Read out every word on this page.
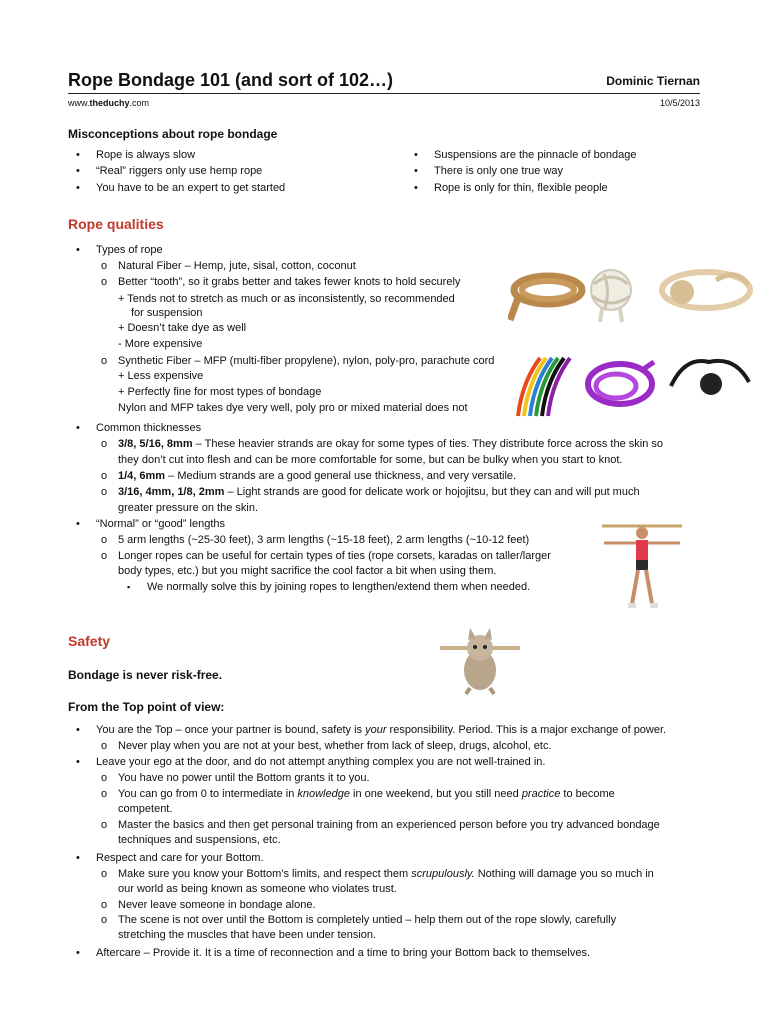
Rope Bondage 101 (and sort of 102…)	Dominic Tiernan
www.theduchy.com	10/5/2013
Misconceptions about rope bondage
• Rope is always slow
• “Real” riggers only use hemp rope
• You have to be an expert to get started
• Suspensions are the pinnacle of bondage
• There is only one true way
• Rope is only for thin, flexible people
Rope qualities
• Types of rope
o Natural Fiber – Hemp, jute, sisal, cotton, coconut
o Better “tooth”, so it grabs better and takes fewer knots to hold securely
+ Tends not to stretch as much or as inconsistently, so recommended
for suspension
+ Doesn’t take dye as well
- More expensive
o Synthetic Fiber – MFP (multi-fiber propylene), nylon, poly-pro, parachute cord
+ Less expensive
+ Perfectly fine for most types of bondage
Nylon and MFP takes dye very well, poly pro or mixed material does not
• Common thicknesses
o 3/8, 5/16, 8mm – These heavier strands are okay for some types of ties. They distribute force across the skin so
they don’t cut into flesh and can be more comfortable for some, but can be bulky when you start to knot.
o 1/4, 6mm – Medium strands are a good general use thickness, and very versatile.
o 3/16, 4mm, 1/8, 2mm – Light strands are good for delicate work or hojojitsu, but they can and will put much
greater pressure on the skin.
• “Normal” or “good” lengths
o 5 arm lengths (~25-30 feet), 3 arm lengths (~15-18 feet), 2 arm lengths (~10-12 feet)
o Longer ropes can be useful for certain types of ties (rope corsets, karadas on taller/larger
body types, etc.) but you might sacrifice the cool factor a bit when using them.
▪ We normally solve this by joining ropes to lengthen/extend them when needed.
Safety
Bondage is never risk-free.
From the Top point of view:
• You are the Top – once your partner is bound, safety is your responsibility. Period. This is a major exchange of power.
o Never play when you are not at your best, whether from lack of sleep, drugs, alcohol, etc.
• Leave your ego at the door, and do not attempt anything complex you are not well-trained in.
o You have no power until the Bottom grants it to you.
o You can go from 0 to intermediate in knowledge in one weekend, but you still need practice to become
competent.
o Master the basics and then get personal training from an experienced person before you try advanced bondage
techniques and suspensions, etc.
• Respect and care for your Bottom.
o Make sure you know your Bottom’s limits, and respect them scrupulously. Nothing will damage you so much in
our world as being known as someone who violates trust.
o Never leave someone in bondage alone.
o The scene is not over until the Bottom is completely untied – help them out of the rope slowly, carefully
stretching the muscles that have been under tension.
• Aftercare – Provide it. It is a time of reconnection and a time to bring your Bottom back to themselves.
